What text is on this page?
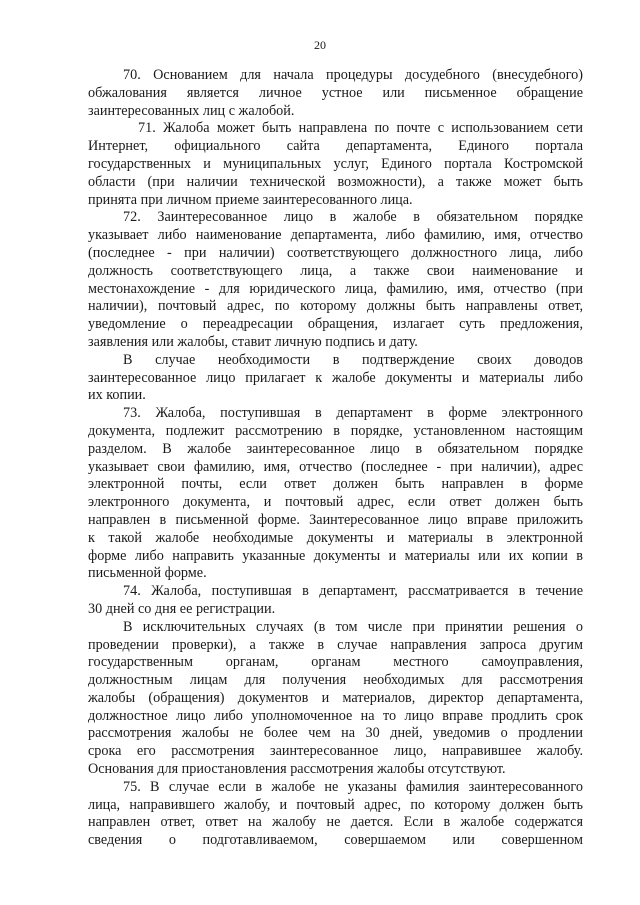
20
70. Основанием для начала процедуры досудебного (внесудебного)
обжалования является личное устное или письменное обращение
заинтересованных лиц с жалобой.
71. Жалоба может быть направлена по почте с использованием сети
Интернет, официального сайта департамента, Единого портала
государственных и муниципальных услуг, Единого портала Костромской
области (при наличии технической возможности), а также может быть
принята при личном приеме заинтересованного лица.
72. Заинтересованное лицо в жалобе в обязательном порядке
указывает либо наименование департамента, либо фамилию, имя, отчество
(последнее - при наличии) соответствующего должностного лица, либо
должность соответствующего лица, а также свои наименование и
местонахождение - для юридического лица, фамилию, имя, отчество (при
наличии), почтовый адрес, по которому должны быть направлены ответ,
уведомление о переадресации обращения, излагает суть предложения,
заявления или жалобы, ставит личную подпись и дату.
В случае необходимости в подтверждение своих доводов
заинтересованное лицо прилагает к жалобе документы и материалы либо
их копии.
73. Жалоба, поступившая в департамент в форме электронного
документа, подлежит рассмотрению в порядке, установленном настоящим
разделом. В жалобе заинтересованное лицо в обязательном порядке
указывает свои фамилию, имя, отчество (последнее - при наличии), адрес
электронной почты, если ответ должен быть направлен в форме
электронного документа, и почтовый адрес, если ответ должен быть
направлен в письменной форме. Заинтересованное лицо вправе приложить
к такой жалобе необходимые документы и материалы в электронной
форме либо направить указанные документы и материалы или их копии в
письменной форме.
74. Жалоба, поступившая в департамент, рассматривается в течение
30 дней со дня ее регистрации.
В исключительных случаях (в том числе при принятии решения о
проведении проверки), а также в случае направления запроса другим
государственным органам, органам местного самоуправления,
должностным лицам для получения необходимых для рассмотрения
жалобы (обращения) документов и материалов, директор департамента,
должностное лицо либо уполномоченное на то лицо вправе продлить срок
рассмотрения жалобы не более чем на 30 дней, уведомив о продлении
срока его рассмотрения заинтересованное лицо, направившее жалобу.
Основания для приостановления рассмотрения жалобы отсутствуют.
75. В случае если в жалобе не указаны фамилия заинтересованного
лица, направившего жалобу, и почтовый адрес, по которому должен быть
направлен ответ, ответ на жалобу не дается. Если в жалобе содержатся
сведения о подготавливаемом, совершаемом или совершенном
